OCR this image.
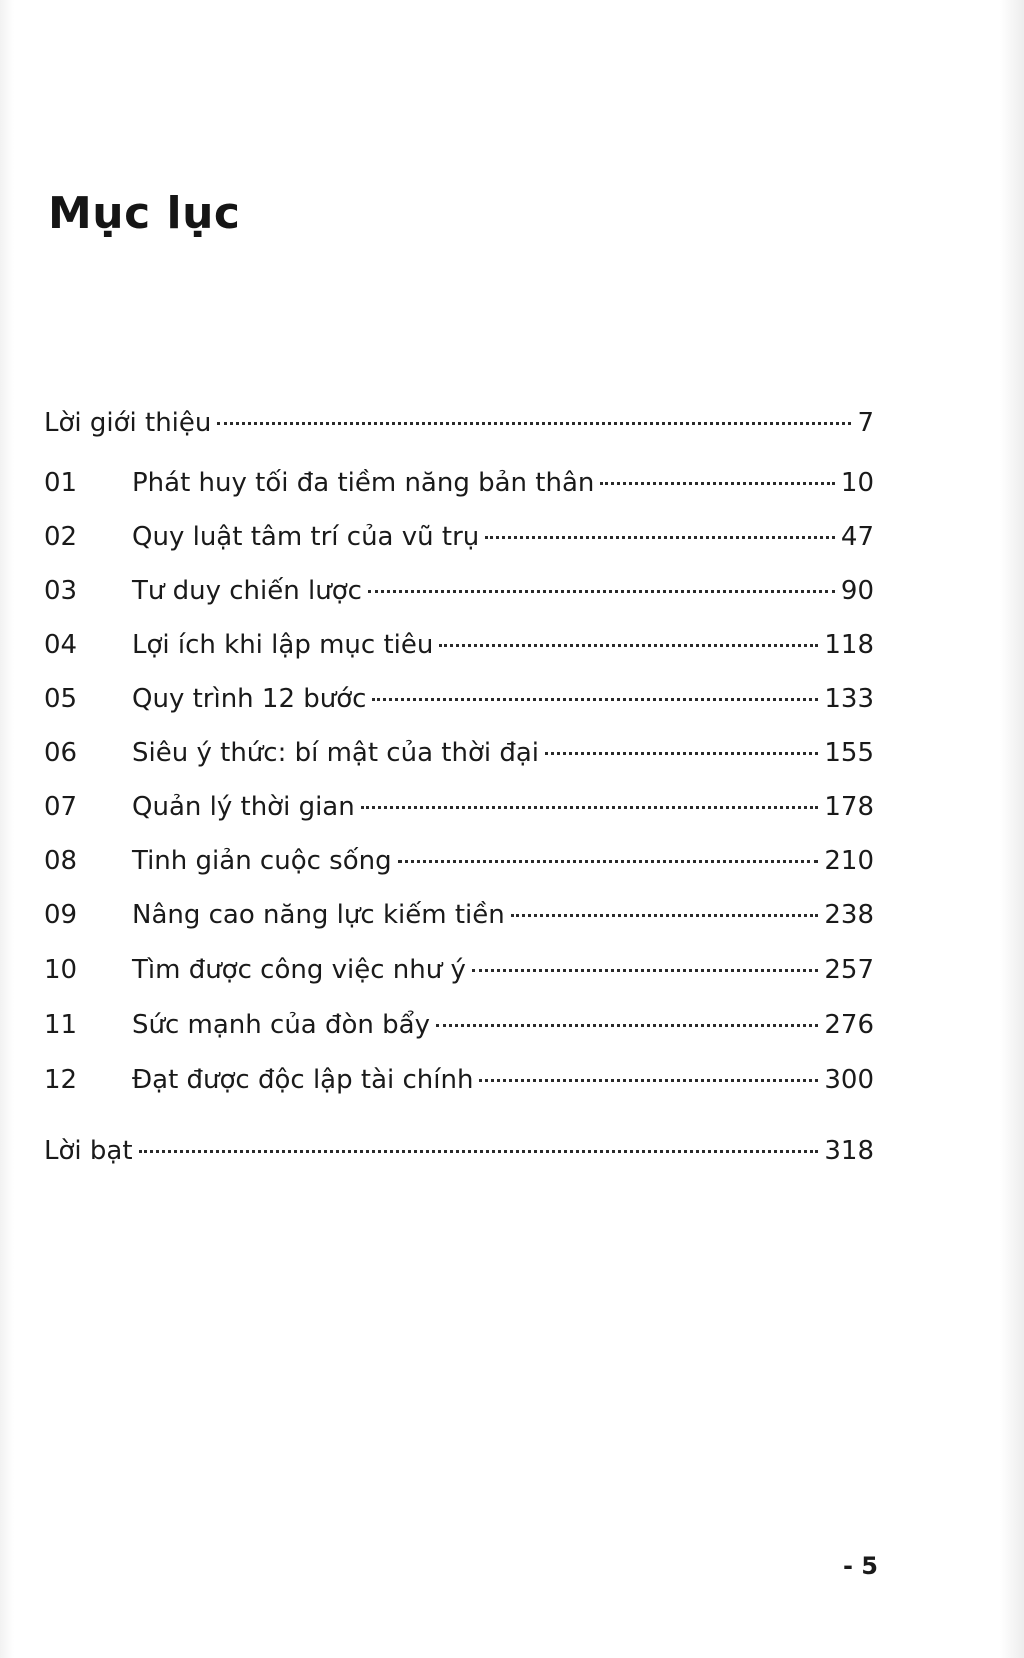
Mục lục
Lời giới thiệu	7
01	Phát huy tối đa tiềm năng bản thân	10
02	Quy luật tâm trí của vũ trụ	47
03	Tư duy chiến lược	90
04	Lợi ích khi lập mục tiêu	118
05	Quy trình 12 bước	133
06	Siêu ý thức: bí mật của thời đại	155
07	Quản lý thời gian	178
08	Tinh giản cuộc sống	210
09	Nâng cao năng lực kiếm tiền	238
10	Tìm được công việc như ý	257
11	Sức mạnh của đòn bẩy	276
12	Đạt được độc lập tài chính	300
Lời bạt	318
- 5
